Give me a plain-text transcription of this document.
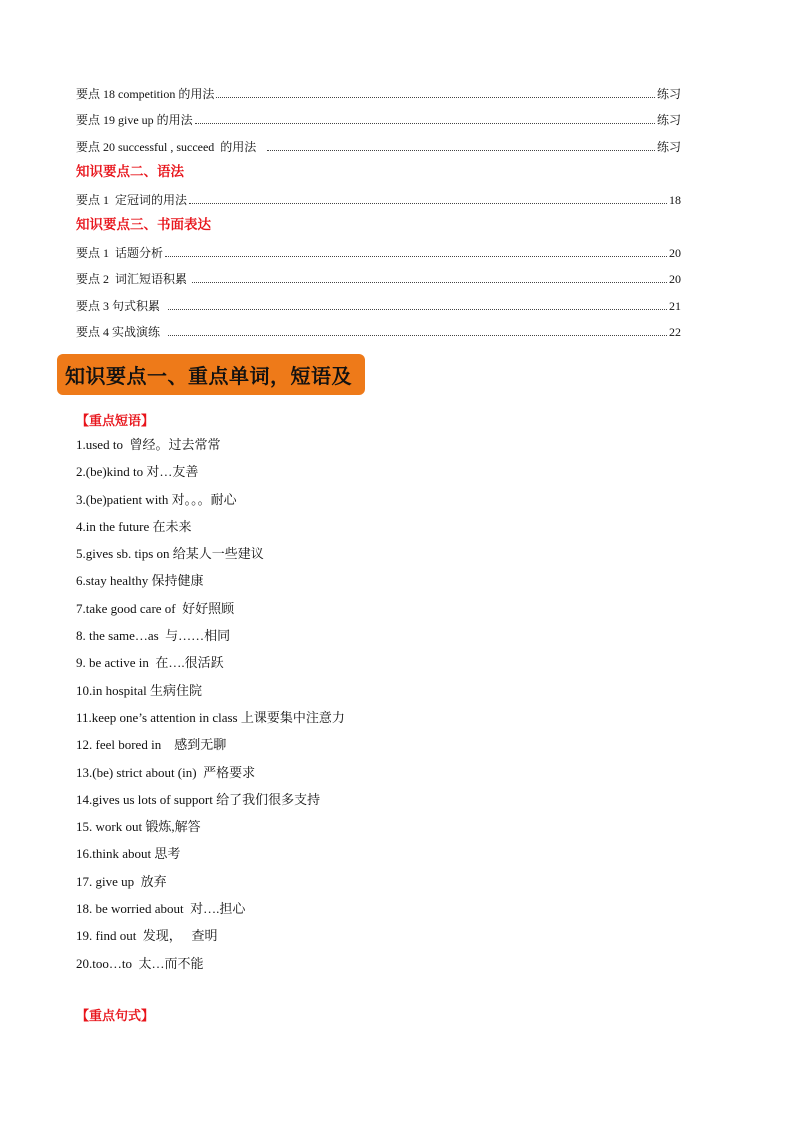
要点 18 competition 的用法	练习
要点 19 give up 的用法	练习
要点 20 successful , succeed  的用法	练习
知识要点二、语法
要点 1  定冠词的用法	18
知识要点三、书面表达
要点 1  话题分析	20
要点 2  词汇短语积累	20
要点 3 句式积累	21
要点 4 实战演练	22
知识要点一、重点单词，短语及
【重点短语】
1.used to  曾经。过去常常
2.(be)kind to 对…友善
3.(be)patient with 对。。。耐心
4.in the future 在未来
5.gives sb. tips on 给某人一些建议
6.stay healthy 保持健康
7.take good care of  好好照顾
8. the same…as  与……相同
9. be active in  在….很活跃
10.in hospital 生病住院
11.keep one’s attention in class 上课要集中注意力
12. feel bored in    感到无聊
13.(be) strict about (in)  严格要求
14.gives us lots of support 给了我们很多支持
15. work out 锻炼,解答
16.think about 思考
17. give up  放弃
18. be worried about  对….担心
19. find out  发现，   查明
20.too…to  太…而不能
【重点句式】
